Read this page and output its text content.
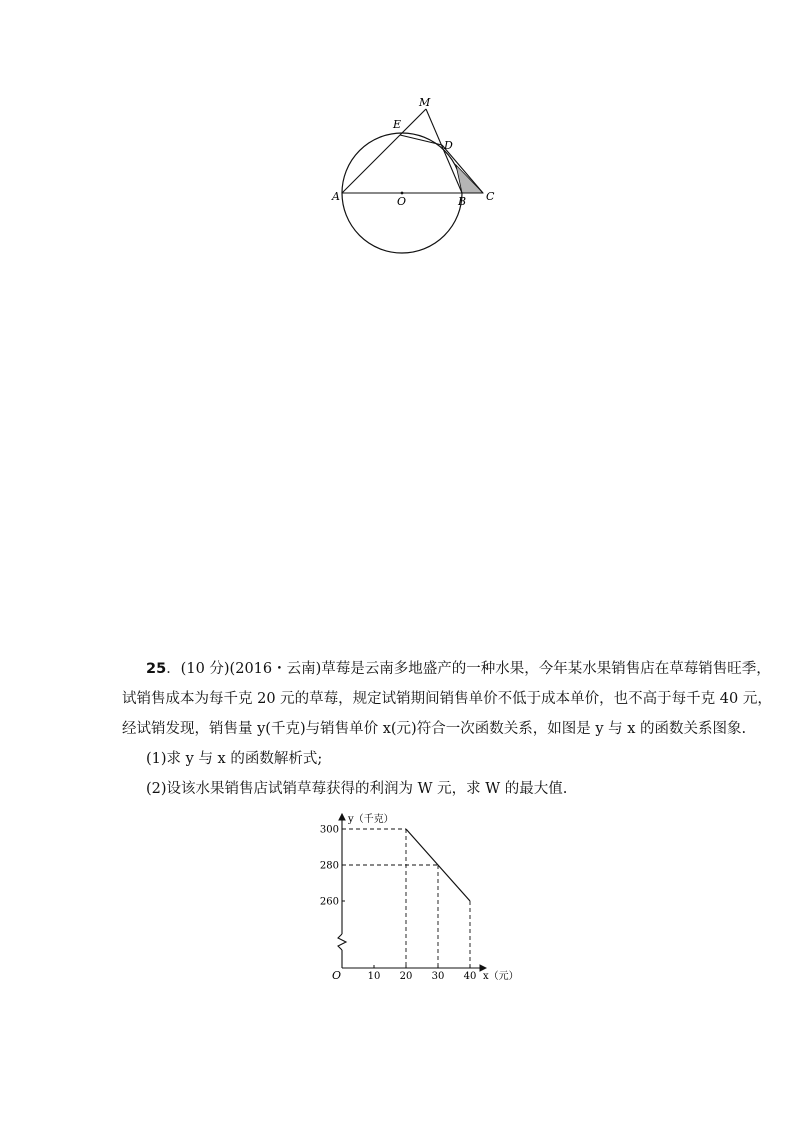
A	O	B C
D
E
M
25．(10 分)(2016・云南)草莓是云南多地盛产的一种水果，今年某水果销售店在草莓销售旺季，
试销售成本为每千克 20 元的草莓，规定试销期间销售单价不低于成本单价，也不高于每千克 40 元，
经试销发现，销售量 y(千克)与销售单价 x(元)符合一次函数关系，如图是 y 与 x 的函数关系图象.
(1)求 y 与 x 的函数解析式;
(2)设该水果销售店试销草莓获得的利润为 W 元，求 W 的最大值.
10 20 30 40
260
280
300
O	x（元）
y（千克）
